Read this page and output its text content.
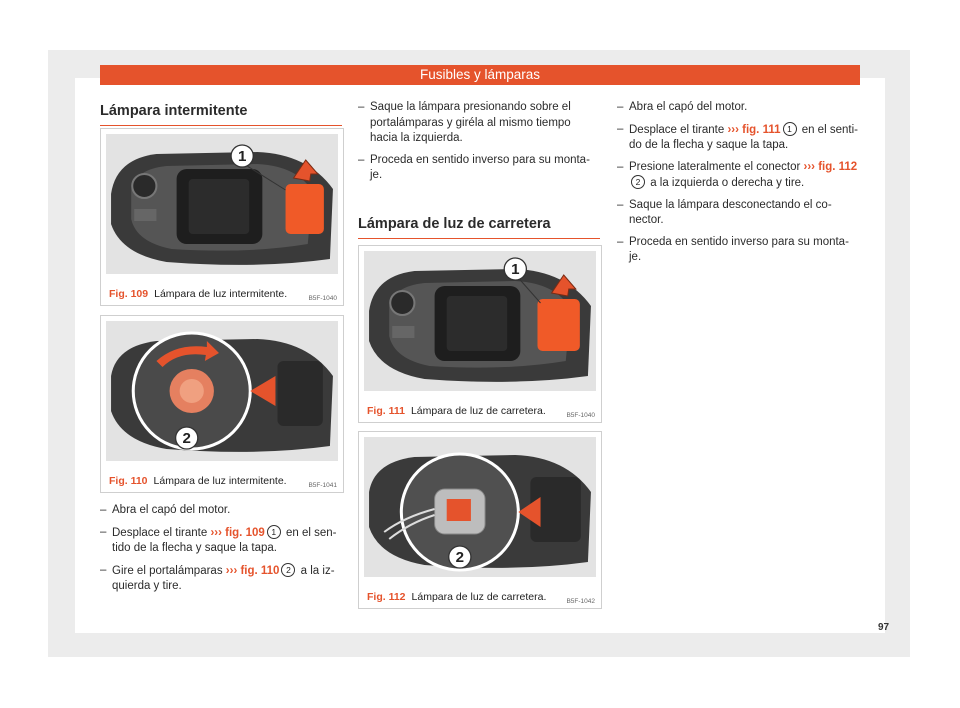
Fusibles y lámparas
Lámpara intermitente
1
B5F-1040
Fig. 109 Lámpara de luz intermitente.
2
B5F-1041
Fig. 110 Lámpara de luz intermitente.
– Abra el capó del motor.
– Desplace el tirante ››› fig. 109 1 en el sen- tido de la flecha y saque la tapa.
– Gire el portalámparas ››› fig. 110 2 a la iz- quierda y tire.
– Saque la lámpara presionando sobre el portalámparas y giréla al mismo tiempo hacia la izquierda.
– Proceda en sentido inverso para su monta- je.
Lámpara de luz de carretera
1
B5F-1040
Fig. 111 Lámpara de luz de carretera.
2
B5F-1042
Fig. 112 Lámpara de luz de carretera.
– Abra el capó del motor.
– Desplace el tirante ››› fig. 111 1 en el senti- do de la flecha y saque la tapa.
– Presione lateralmente el conector ››› fig. 1122 a la izquierda o derecha y tire.
– Saque la lámpara desconectando el co- nector.
– Proceda en sentido inverso para su monta- je.
97
